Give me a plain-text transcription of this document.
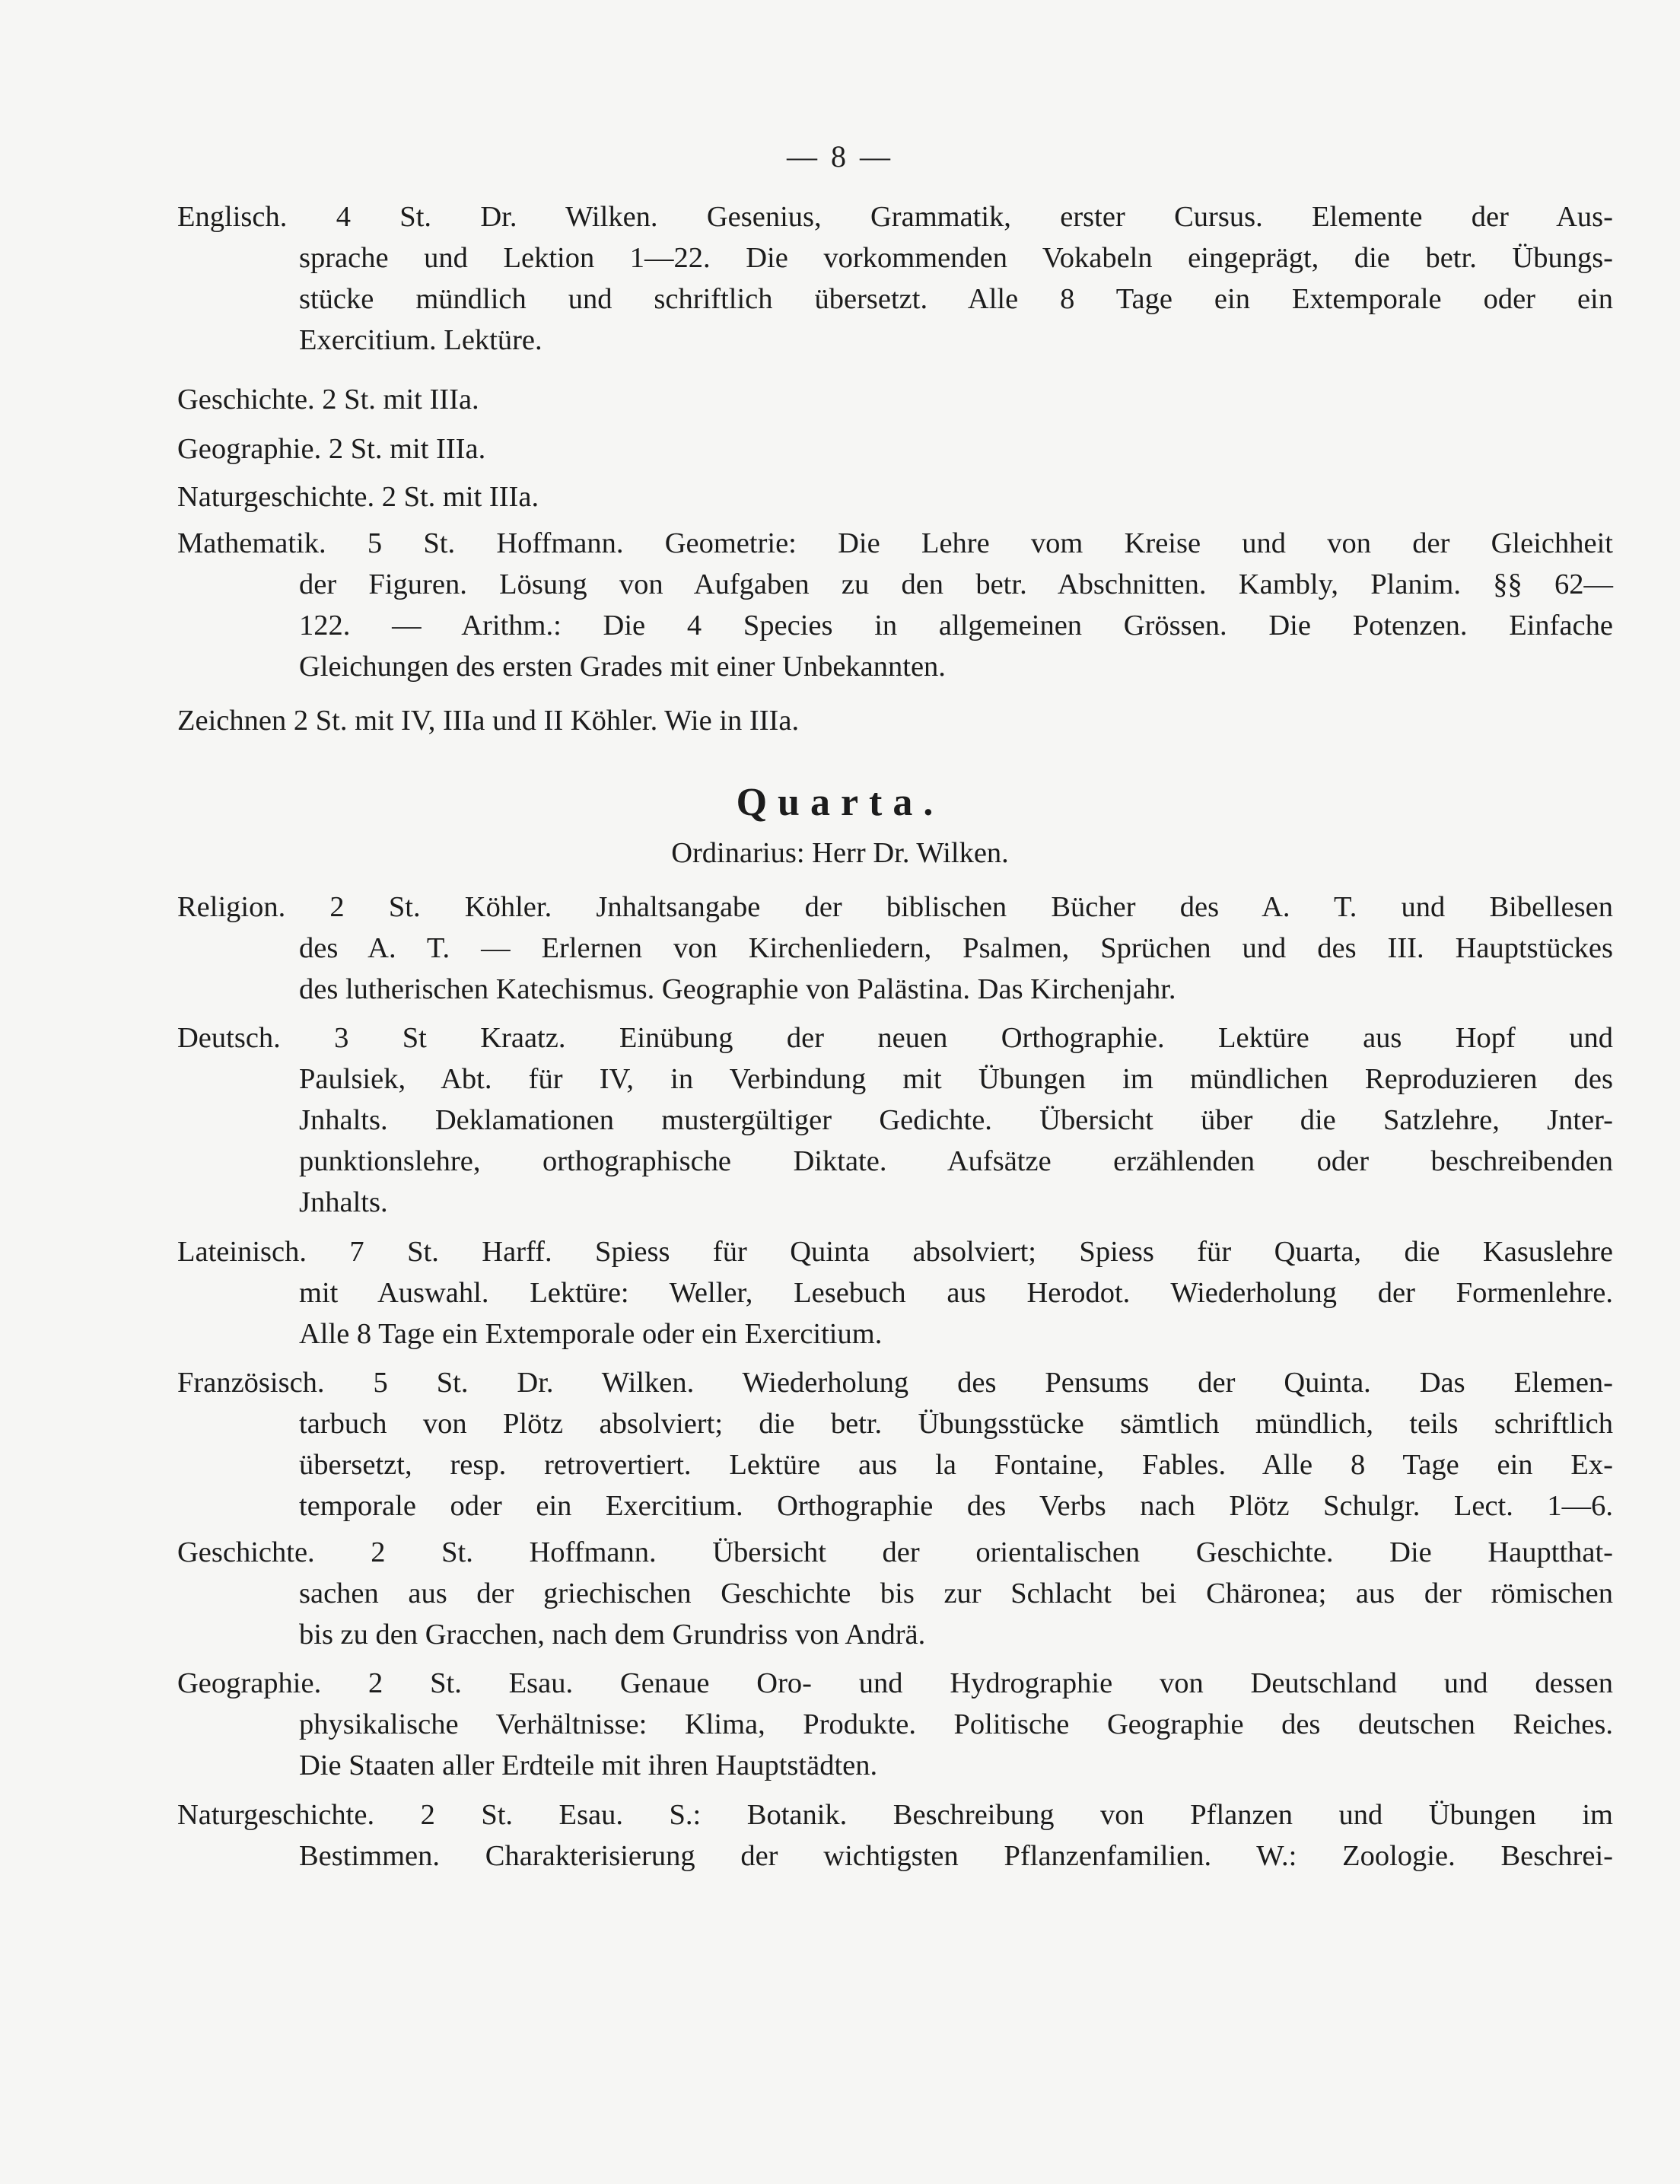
— 8 —
Englisch. 4 St. Dr. Wilken. Gesenius, Grammatik, erster Cursus. Elemente der Aus-
sprache und Lektion 1—22. Die vorkommenden Vokabeln eingeprägt, die betr. Übungs-
stücke mündlich und schriftlich übersetzt. Alle 8 Tage ein Extemporale oder ein
Exercitium. Lektüre.
Geschichte. 2 St. mit IIIa.
Geographie. 2 St. mit IIIa.
Naturgeschichte. 2 St. mit IIIa.
Mathematik. 5 St. Hoffmann. Geometrie: Die Lehre vom Kreise und von der Gleichheit
der Figuren. Lösung von Aufgaben zu den betr. Abschnitten. Kambly, Planim. §§ 62—
122. — Arithm.: Die 4 Species in allgemeinen Grössen. Die Potenzen. Einfache
Gleichungen des ersten Grades mit einer Unbekannten.
Zeichnen 2 St. mit IV, IIIa und II Köhler. Wie in IIIa.
Quarta.
Ordinarius: Herr Dr. Wilken.
Religion. 2 St. Köhler. Jnhaltsangabe der biblischen Bücher des A. T. und Bibellesen
des A. T. — Erlernen von Kirchenliedern, Psalmen, Sprüchen und des III. Hauptstückes
des lutherischen Katechismus. Geographie von Palästina. Das Kirchenjahr.
Deutsch. 3 St Kraatz. Einübung der neuen Orthographie. Lektüre aus Hopf und
Paulsiek, Abt. für IV, in Verbindung mit Übungen im mündlichen Reproduzieren des
Jnhalts. Deklamationen mustergültiger Gedichte. Übersicht über die Satzlehre, Jnter-
punktionslehre, orthographische Diktate. Aufsätze erzählenden oder beschreibenden
Jnhalts.
Lateinisch. 7 St. Harff. Spiess für Quinta absolviert; Spiess für Quarta, die Kasuslehre
mit Auswahl. Lektüre: Weller, Lesebuch aus Herodot. Wiederholung der Formenlehre.
Alle 8 Tage ein Extemporale oder ein Exercitium.
Französisch. 5 St. Dr. Wilken. Wiederholung des Pensums der Quinta. Das Elemen-
tarbuch von Plötz absolviert; die betr. Übungsstücke sämtlich mündlich, teils schriftlich
übersetzt, resp. retrovertiert. Lektüre aus la Fontaine, Fables. Alle 8 Tage ein Ex-
temporale oder ein Exercitium. Orthographie des Verbs nach Plötz Schulgr. Lect. 1—6.
Geschichte. 2 St. Hoffmann. Übersicht der orientalischen Geschichte. Die Hauptthat-
sachen aus der griechischen Geschichte bis zur Schlacht bei Chäronea; aus der römischen
bis zu den Gracchen, nach dem Grundriss von Andrä.
Geographie. 2 St. Esau. Genaue Oro- und Hydrographie von Deutschland und dessen
physikalische Verhältnisse: Klima, Produkte. Politische Geographie des deutschen Reiches.
Die Staaten aller Erdteile mit ihren Hauptstädten.
Naturgeschichte. 2 St. Esau. S.: Botanik. Beschreibung von Pflanzen und Übungen im
Bestimmen. Charakterisierung der wichtigsten Pflanzenfamilien. W.: Zoologie. Beschrei-
